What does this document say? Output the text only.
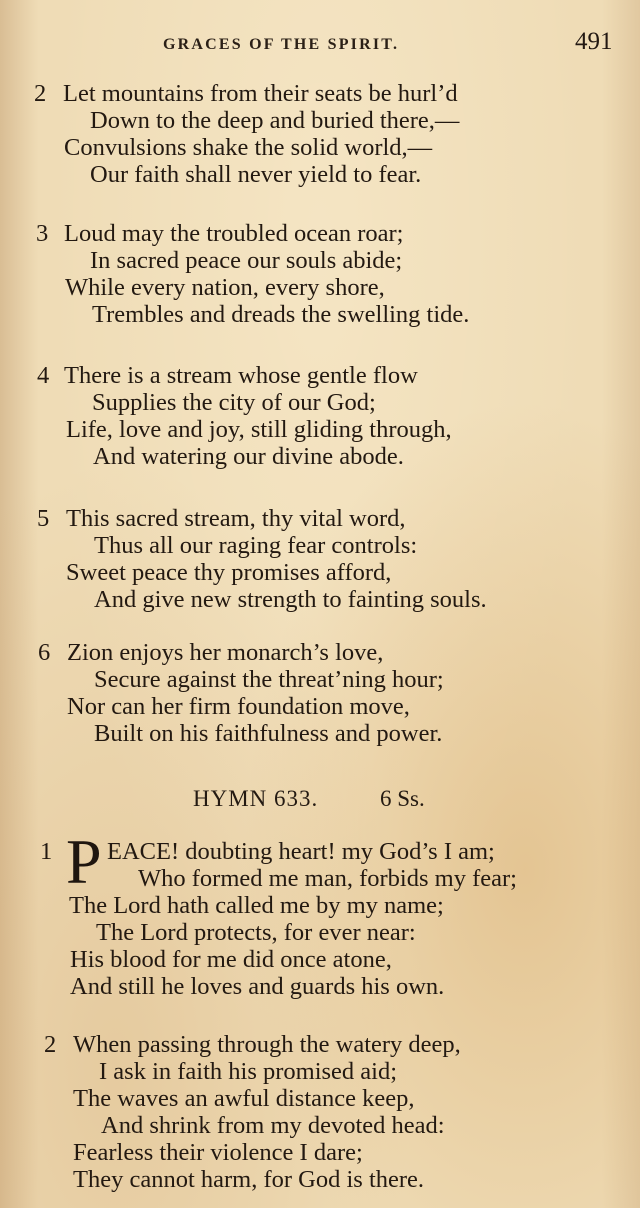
GRACES OF THE SPIRIT.	491
2 Let mountains from their seats be hurl’d
Down to the deep and buried there,—
Convulsions shake the solid world,—
Our faith shall never yield to fear.
3 Loud may the troubled ocean roar;
In sacred peace our souls abide;
While every nation, every shore,
Trembles and dreads the swelling tide.
4 There is a stream whose gentle flow
Supplies the city of our God;
Life, love and joy, still gliding through,
And watering our divine abode.
5 This sacred stream, thy vital word,
Thus all our raging fear controls:
Sweet peace thy promises afford,
And give new strength to fainting souls.
6 Zion enjoys her monarch’s love,
Secure against the threat’ning hour;
Nor can her firm foundation move,
Built on his faithfulness and power.
HYMN 633.	6 Ss.
1 P EACE! doubting heart! my God’s I am;
Who formed me man, forbids my fear;
The Lord hath called me by my name;
The Lord protects, for ever near:
His blood for me did once atone,
And still he loves and guards his own.
2 When passing through the watery deep,
I ask in faith his promised aid;
The waves an awful distance keep,
And shrink from my devoted head:
Fearless their violence I dare;
They cannot harm, for God is there.
